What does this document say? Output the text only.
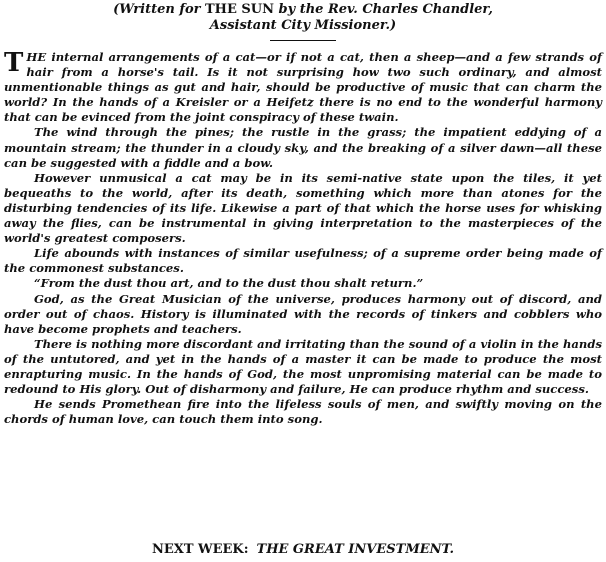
(Written for THE SUN by the Rev. Charles Chandler,
Assistant City Missioner.)

THE internal arrangements of a cat—or if not a cat, then a sheep—and a few strands of hair from a horse's tail. Is it not surprising how two such ordinary, and almost unmentionable things as gut and hair, should be productive of music that can charm the world? In the hands of a Kreisler or a Heifetz there is no end to the wonderful harmony that can be evinced from the joint conspiracy of these twain.

The wind through the pines; the rustle in the grass; the impatient eddying of a mountain stream; the thunder in a cloudy sky, and the breaking of a silver dawn—all these can be suggested with a fiddle and a bow.

However unmusical a cat may be in its semi-native state upon the tiles, it yet bequeaths to the world, after its death, something which more than atones for the disturbing tendencies of its life. Likewise a part of that which the horse uses for whisking away the flies, can be instrumental in giving interpretation to the masterpieces of the world's greatest composers.

Life abounds with instances of similar usefulness; of a supreme order being made of the commonest substances.

“From the dust thou art, and to the dust thou shalt return.”

God, as the Great Musician of the universe, produces harmony out of discord, and order out of chaos. History is illuminated with the records of tinkers and cobblers who have become prophets and teachers.

There is nothing more discordant and irritating than the sound of a violin in the hands of the untutored, and yet in the hands of a master it can be made to produce the most enrapturing music. In the hands of God, the most unpromising material can be made to redound to His glory. Out of disharmony and failure, He can produce rhythm and success.

He sends Promethean fire into the lifeless souls of men, and swiftly moving on the chords of human love, can touch them into song.

NEXT WEEK: THE GREAT INVESTMENT.
